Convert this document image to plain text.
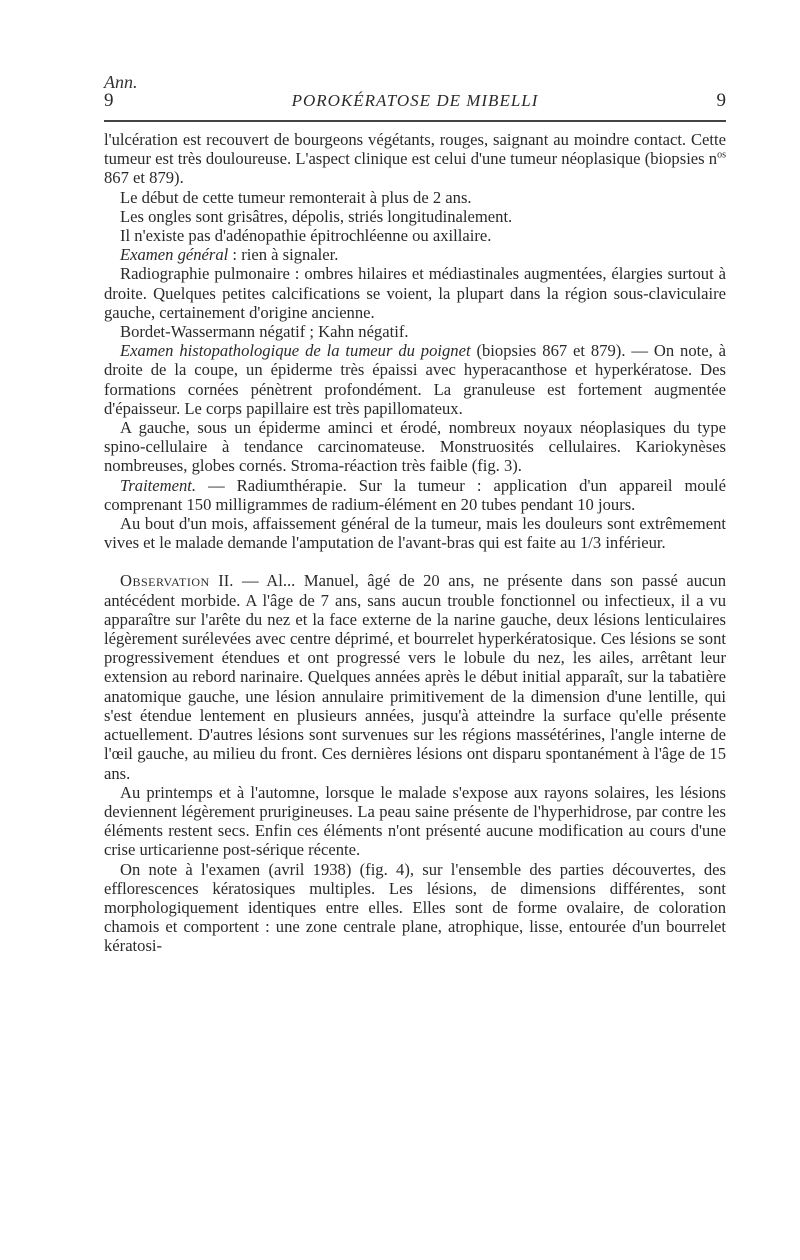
Ann.
9	POROKÉRATOSE DE MIBELLI	9

l'ulcération est recouvert de bourgeons végétants, rouges, saignant au moindre contact. Cette tumeur est très douloureuse. L'aspect clinique est celui d'une tumeur néoplasique (biopsies $n^{os}$ 867 et 879).

Le début de cette tumeur remonterait à plus de 2 ans.

Les ongles sont grisâtres, dépolis, striés longitudinalement.

Il n'existe pas d'adénopathie épitrochléenne ou axillaire.

Examen général : rien à signaler.

Radiographie pulmonaire : ombres hilaires et médiastinales augmentées, élargies surtout à droite. Quelques petites calcifications se voient, la plupart dans la région sous-claviculaire gauche, certainement d'origine ancienne.

Bordet-Wassermann négatif ; Kahn négatif.

Examen histopathologique de la tumeur du poignet (biopsies 867 et 879). — On note, à droite de la coupe, un épiderme très épaissi avec hyperacanthose et hyperkératose. Des formations cornées pénètrent profondément. La granuleuse est fortement augmentée d'épaisseur. Le corps papillaire est très papillomateux.

A gauche, sous un épiderme aminci et érodé, nombreux noyaux néoplasiques du type spino-cellulaire à tendance carcinomateuse. Monstruosités cellulaires. Kariokynèses nombreuses, globes cornés. Stroma-réaction très faible (fig. 3).

Traitement. — Radiumthérapie. Sur la tumeur : application d'un appareil moulé comprenant 150 milligrammes de radium-élément en 20 tubes pendant 10 jours.

Au bout d'un mois, affaissement général de la tumeur, mais les douleurs sont extrêmement vives et le malade demande l'amputation de l'avant-bras qui est faite au 1/3 inférieur.

Observation II. — Al... Manuel, âgé de 20 ans, ne présente dans son passé aucun antécédent morbide. A l'âge de 7 ans, sans aucun trouble fonctionnel ou infectieux, il a vu apparaître sur l'arête du nez et la face externe de la narine gauche, deux lésions lenticulaires légèrement surélevées avec centre déprimé, et bourrelet hyperkératosique. Ces lésions se sont progressivement étendues et ont progressé vers le lobule du nez, les ailes, arrêtant leur extension au rebord narinaire. Quelques années après le début initial apparaît, sur la tabatière anatomique gauche, une lésion annulaire primitivement de la dimension d'une lentille, qui s'est étendue lentement en plusieurs années, jusqu'à atteindre la surface qu'elle présente actuellement. D'autres lésions sont survenues sur les régions massétérines, l'angle interne de l'œil gauche, au milieu du front. Ces dernières lésions ont disparu spontanément à l'âge de 15 ans.

Au printemps et à l'automne, lorsque le malade s'expose aux rayons solaires, les lésions deviennent légèrement prurigineuses. La peau saine présente de l'hyperhidrose, par contre les éléments restent secs. Enfin ces éléments n'ont présenté aucune modification au cours d'une crise urticarienne post-sérique récente.

On note à l'examen (avril 1938) (fig. 4), sur l'ensemble des parties découvertes, des efflorescences kératosiques multiples. Les lésions, de dimensions différentes, sont morphologiquement identiques entre elles. Elles sont de forme ovalaire, de coloration chamois et comportent : une zone centrale plane, atrophique, lisse, entourée d'un bourrelet kératosi-
